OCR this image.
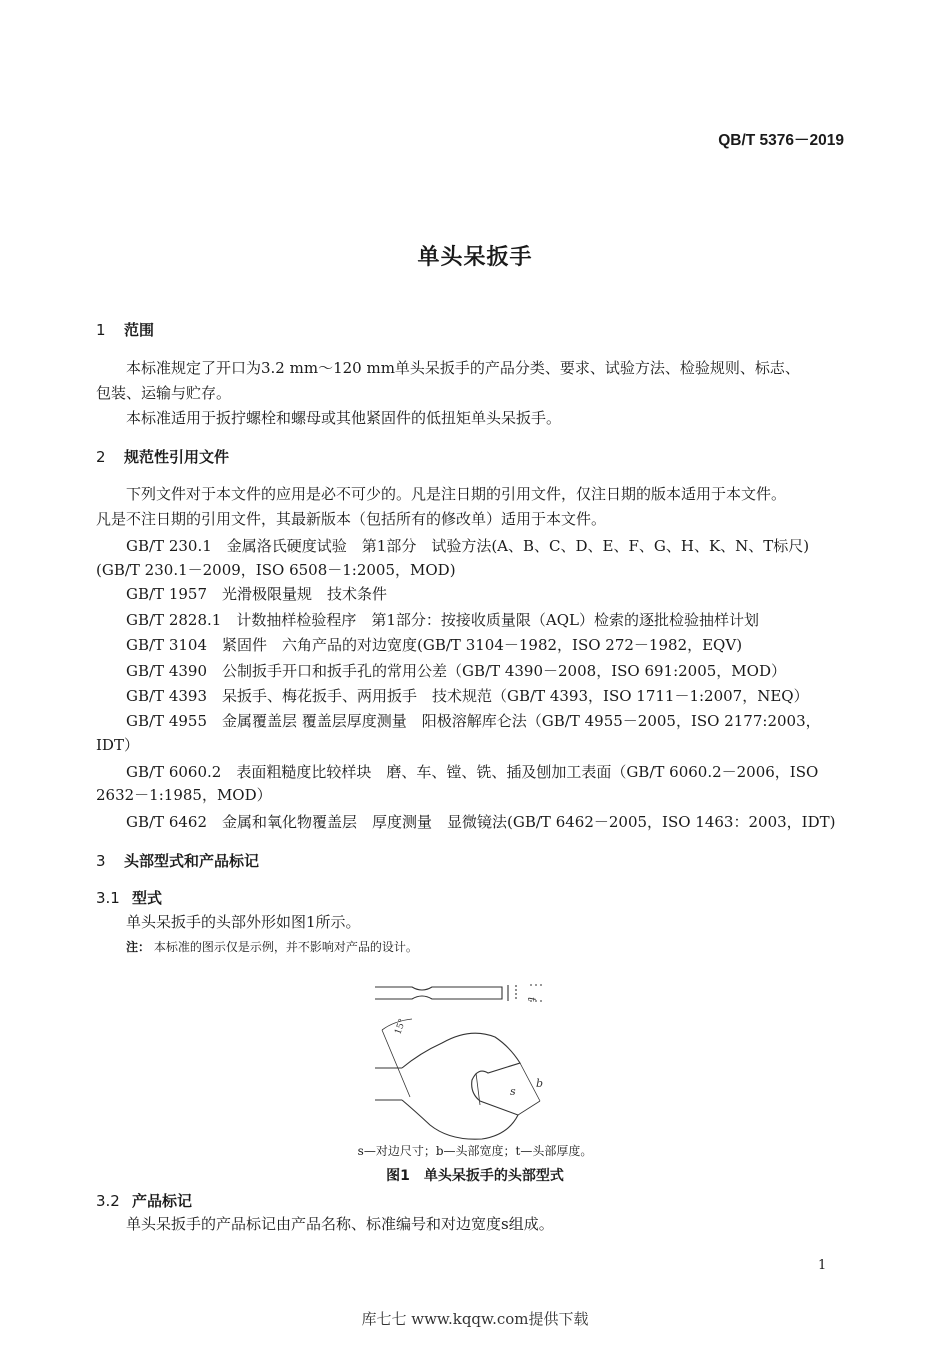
QB/T 5376－2019
单头呆扳手
1 范围
本标准规定了开口为3.2 mm～120 mm单头呆扳手的产品分类、要求、试验方法、检验规则、标志、
包装、运输与贮存。
本标准适用于扳拧螺栓和螺母或其他紧固件的低扭矩单头呆扳手。
2 规范性引用文件
下列文件对于本文件的应用是必不可少的。凡是注日期的引用文件，仅注日期的版本适用于本文件。
凡是不注日期的引用文件，其最新版本（包括所有的修改单）适用于本文件。
GB/T 230.1　金属洛氏硬度试验　第1部分　试验方法(A、B、C、D、E、F、G、H、K、N、T标尺)
(GB/T 230.1－2009，ISO 6508－1:2005，MOD)
GB/T 1957　光滑极限量规　技术条件
GB/T 2828.1　计数抽样检验程序　第1部分：按接收质量限（AQL）检索的逐批检验抽样计划
GB/T 3104　紧固件　六角产品的对边宽度(GB/T 3104－1982，ISO 272－1982，EQV)
GB/T 4390　公制扳手开口和扳手孔的常用公差（GB/T 4390－2008，ISO 691:2005，MOD）
GB/T 4393　呆扳手、梅花扳手、两用扳手　技术规范（GB/T 4393，ISO 1711－1:2007，NEQ）
GB/T 4955　金属覆盖层 覆盖层厚度测量　阳极溶解库仑法（GB/T 4955－2005，ISO 2177:2003，
IDT）
GB/T 6060.2　表面粗糙度比较样块　磨、车、镗、铣、插及刨加工表面（GB/T 6060.2－2006，ISO
2632－1:1985，MOD）
GB/T 6462　金属和氧化物覆盖层　厚度测量　显微镜法(GB/T 6462－2005，ISO 1463：2003，IDT)
3 头部型式和产品标记
3.1 型式
单头呆扳手的头部外形如图1所示。
注： 本标准的图示仅是示例，并不影响对产品的设计。
t
15°
s
b
s—对边尺寸；b—头部宽度；t—头部厚度。
图1　单头呆扳手的头部型式
3.2 产品标记
单头呆扳手的产品标记由产品名称、标准编号和对边宽度s组成。
1
库七七 www.kqqw.com提供下载
